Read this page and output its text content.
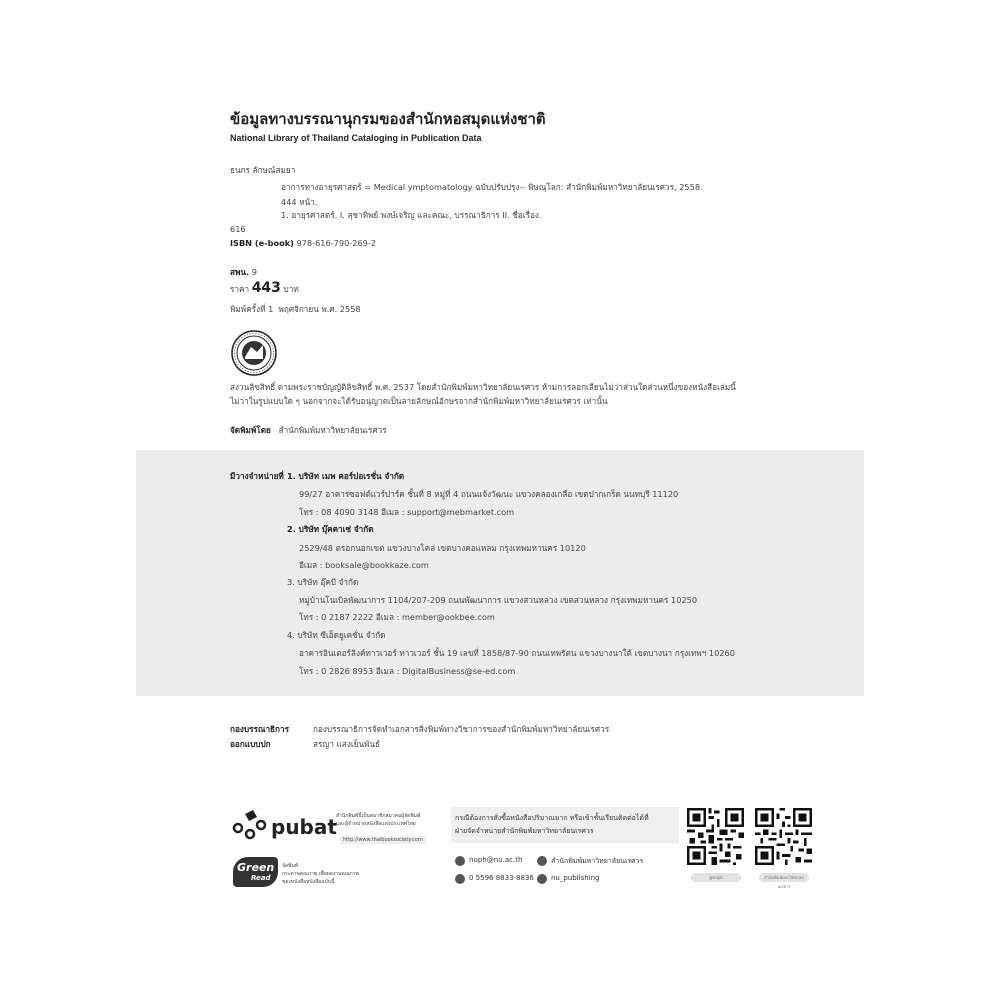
ข้อมูลทางบรรณานุกรมของสำนักหอสมุดแห่งชาติ
National Library of Thailand Cataloging in Publication Data
ธนกร ลักษณ์สมยา
อาการทางอายุรศาสตร์ = Medical ymptomatology ฉบับปรับปรุง-- พิษณุโลก: สำนักพิมพ์มหาวิทยาลัยนเรศวร, 2558.
444 หน้า.
1. อายุรศาสตร์. I. สุชาทิพย์ พงษ์เจริญ และคณะ, บรรณาธิการ II. ชื่อเรื่อง.
616
ISBN (e-book) 978-616-790-269-2
สพน. 9
ราคา 443 บาท
พิมพ์ครั้งที่ 1 พฤศจิกายน พ.ศ. 2558
สงวนลิขสิทธิ์ ตามพระราชบัญญัติลิขสิทธิ์ พ.ศ. 2537 โดยสำนักพิมพ์มหาวิทยาลัยนเรศวร ห้ามการลอกเลียนไม่ว่าส่วนใดส่วนหนึ่งของหนังสือเล่มนี้
ไม่ว่าในรูปแบบใด ๆ นอกจากจะได้รับอนุญาตเป็นลายลักษณ์อักษรจากสำนักพิมพ์มหาวิทยาลัยนเรศวร เท่านั้น
จัดพิมพ์โดย สำนักพิมพ์มหาวิทยาลัยนเรศวร
มีวางจำหน่ายที่ 1. บริษัท เมพ คอร์ปอเรชั่น จำกัด
99/27 อาคารซอฟต์แวร์ปาร์ค ชั้นที่ 8 หมู่ที่ 4 ถนนแจ้งวัฒนะ แขวงคลองเกลือ เขตปากเกร็ด นนทบุรี 11120
โทร : 08 4090 3148 อีเมล : support@mebmarket.com
2. บริษัท บุ๊คคาเซ่ จำกัด
2529/48 ตรอกนอกเขต แขวงบางโคล่ เขตบางคอแหลม กรุงเทพมหานคร 10120
อีเมล : booksale@bookkaze.com
3. บริษัท อุ๊คบี จำกัด
หมู่บ้านโนเบิลพัฒนาการ 1104/207-209 ถนนพัฒนาการ แขวงสวนหลวง เขตสวนหลวง กรุงเทพมหานคร 10250
โทร : 0 2187 2222 อีเมล : member@ookbee.com
4. บริษัท ซีเอ็ดยูเคชั่น จำกัด
อาคารอินเตอร์ลิงค์ทาวเวอร์ ทาวเวอร์ ชั้น 19 เลขที่ 1858/87-90 ถนนเทพรัตน แขวงบางนาใต้ เขตบางนา กรุงเทพฯ 10260
โทร : 0 2826 8953 อีเมล : DigitalBusiness@se-ed.com
กองบรรณาธิการ	กองบรรณาธิการจัดทำเอกสารสิ่งพิมพ์ทางวิชาการของสำนักพิมพ์มหาวิทยาลัยนเรศวร
ออกแบบปก	สรญา แสงเย็นพันธ์
pubat สำนักพิมพ์นี้เป็นสมาชิกสมาคมผู้จัดพิมพ์
และผู้จำหน่ายหนังสือแห่งประเทศไทย
http://www.thaibooksociety.com
Green
Read
จัดพิมพ์
กระดาษคุณภาพ เพื่อผลงานคุณภาพ
ของหนังสือหนังสือฉบับนี้
กรณีต้องการสั่งซื้อหนังสือปริมาณมาก หรือเข้าชั้นเรียนติดต่อได้ที่
ฝ่ายจัดจำหน่ายสำนักพิมพ์มหาวิทยาลัยนเรศวร
nuph@nu.ac.th	สำนักพิมพ์มหาวิทยาลัยนเรศวร
0 5596 8833-8836 nu_publishing	@nuph	สำนักพิมพ์มหาวิทยาลัยนเรศวร
